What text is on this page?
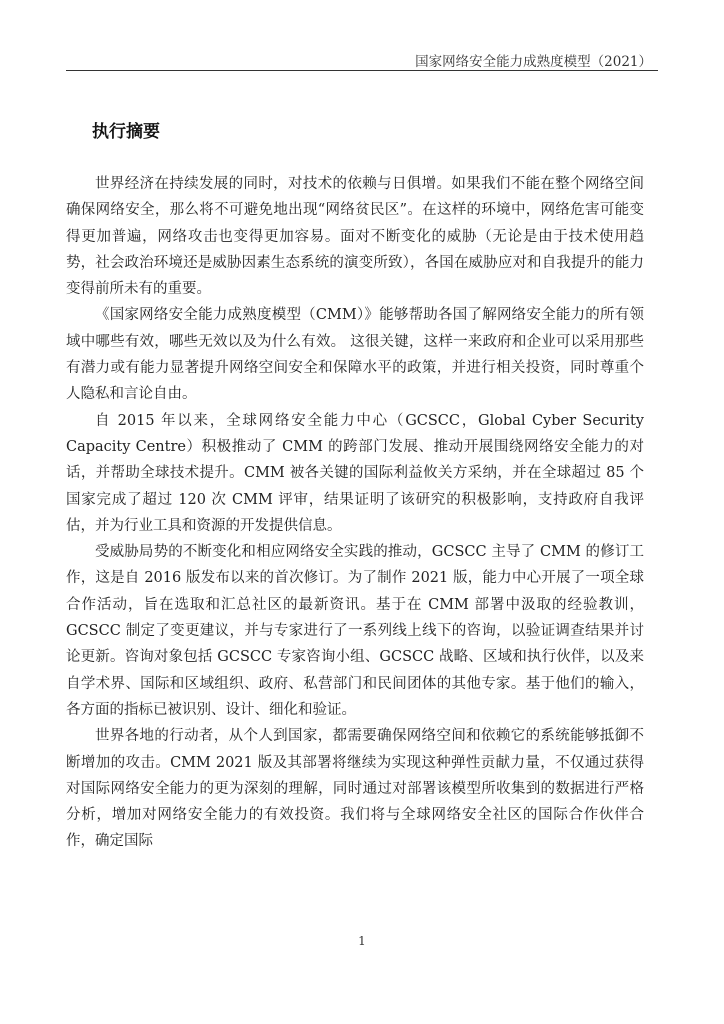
国家网络安全能力成熟度模型（2021）
执行摘要

世界经济在持续发展的同时，对技术的依赖与日俱增。如果我们不能在整个网络空间确保网络安全，那么将不可避免地出现“网络贫民区”。在这样的环境中，网络危害可能变得更加普遍，网络攻击也变得更加容易。面对不断变化的威胁（无论是由于技术使用趋势，社会政治环境还是威胁因素生态系统的演变所致），各国在威胁应对和自我提升的能力变得前所未有的重要。

《国家网络安全能力成熟度模型（CMM）》能够帮助各国了解网络安全能力的所有领域中哪些有效，哪些无效以及为什么有效。 这很关键，这样一来政府和企业可以采用那些有潜力或有能力显著提升网络空间安全和保障水平的政策，并进行相关投资，同时尊重个人隐私和言论自由。

自 2015 年以来，全球网络安全能力中心（GCSCC，Global Cyber Security Capacity Centre）积极推动了 CMM 的跨部门发展、推动开展围绕网络安全能力的对话，并帮助全球技术提升。CMM 被各关键的国际利益攸关方采纳，并在全球超过 85 个国家完成了超过 120 次 CMM 评审，结果证明了该研究的积极影响，支持政府自我评估，并为行业工具和资源的开发提供信息。

受威胁局势的不断变化和相应网络安全实践的推动，GCSCC 主导了 CMM 的修订工作，这是自 2016 版发布以来的首次修订。为了制作 2021 版，能力中心开展了一项全球合作活动，旨在选取和汇总社区的最新资讯。基于在 CMM 部署中汲取的经验教训，GCSCC 制定了变更建议，并与专家进行了一系列线上线下的咨询，以验证调查结果并讨论更新。咨询对象包括 GCSCC 专家咨询小组、GCSCC 战略、区域和执行伙伴，以及来自学术界、国际和区域组织、政府、私营部门和民间团体的其他专家。基于他们的输入，各方面的指标已被识别、设计、细化和验证。

世界各地的行动者，从个人到国家，都需要确保网络空间和依赖它的系统能够抵御不断增加的攻击。CMM 2021 版及其部署将继续为实现这种弹性贡献力量，不仅通过获得对国际网络安全能力的更为深刻的理解，同时通过对部署该模型所收集到的数据进行严格分析，增加对网络安全能力的有效投资。我们将与全球网络安全社区的国际合作伙伴合作，确定国际

1
